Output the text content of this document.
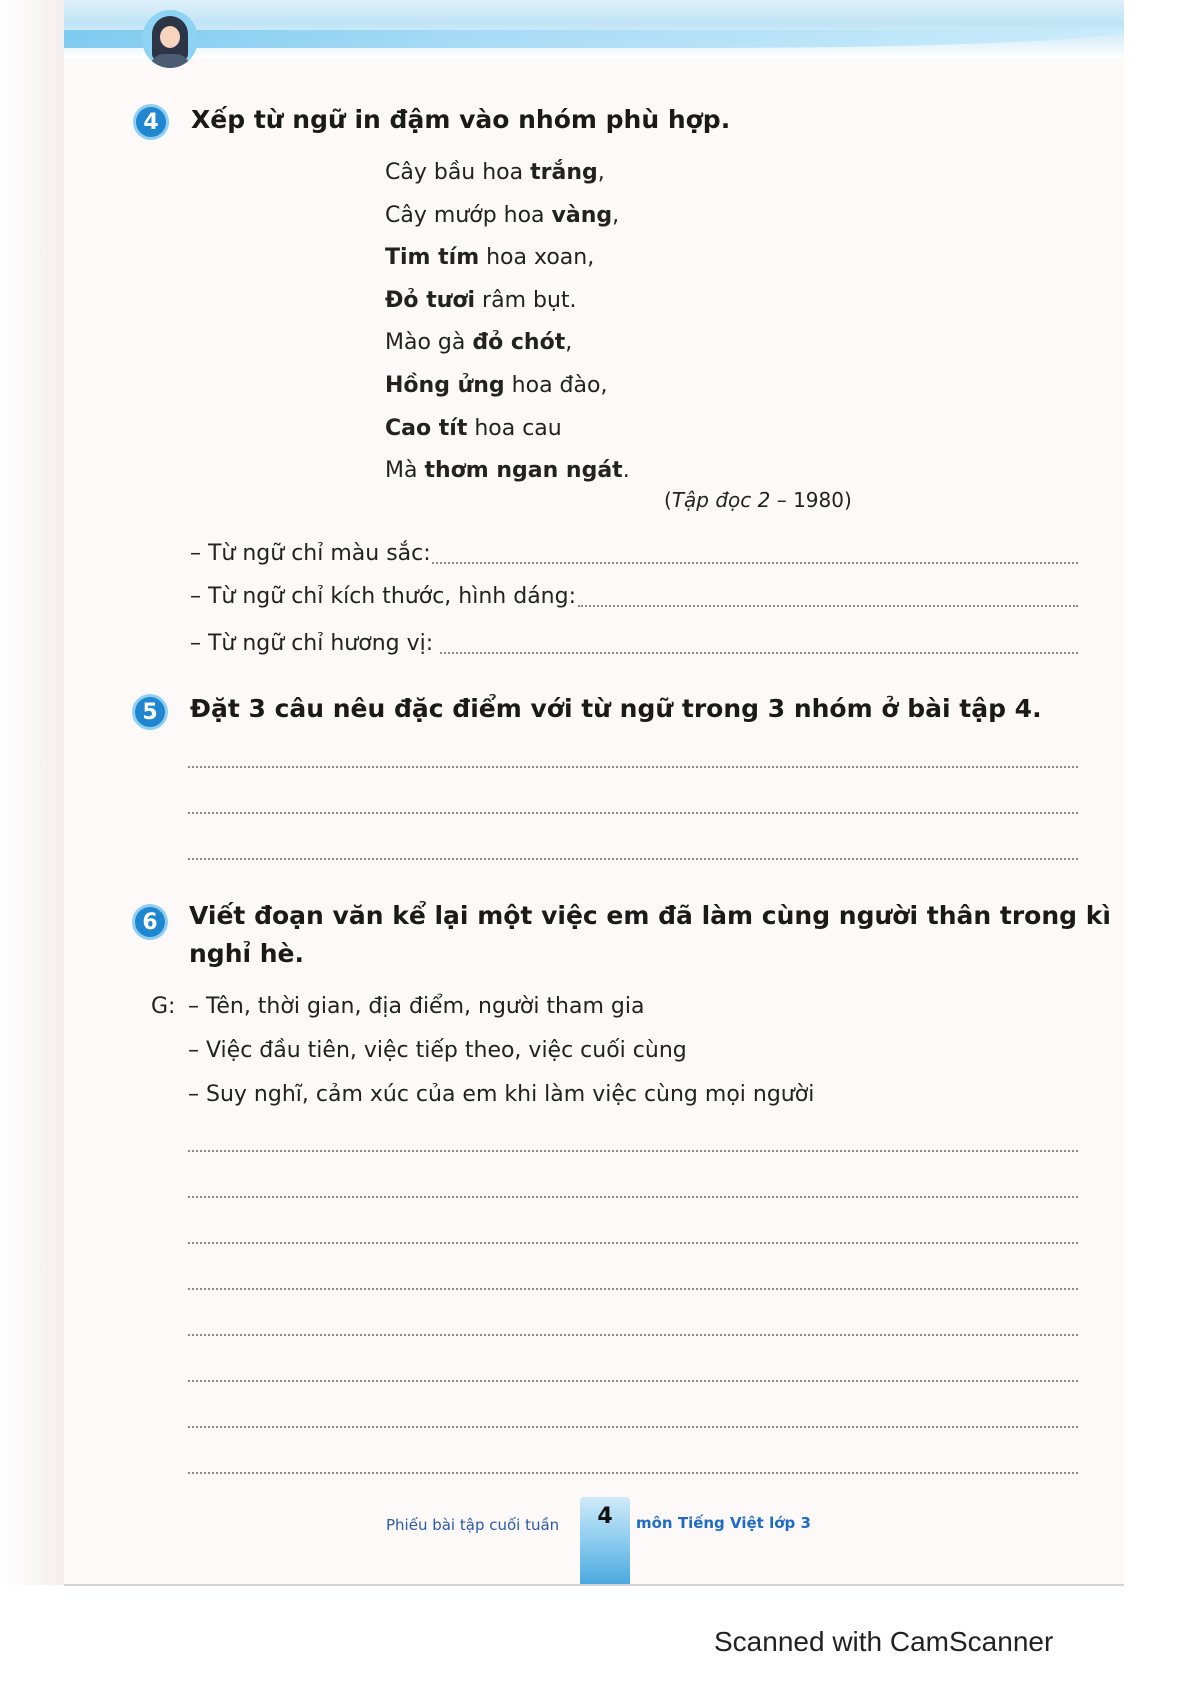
4	Xếp từ ngữ in đậm vào nhóm phù hợp.
Cây bầu hoa trắng,
Cây mướp hoa vàng,
Tim tím hoa xoan,
Đỏ tươi râm bụt.
Mào gà đỏ chót,
Hồng ửng hoa đào,
Cao tít hoa cau
Mà thơm ngan ngát.
(Tập đọc 2 – 1980)
– Từ ngữ chỉ màu sắc:
– Từ ngữ chỉ kích thước, hình dáng:
– Từ ngữ chỉ hương vị:
5	Đặt 3 câu nêu đặc điểm với từ ngữ trong 3 nhóm ở bài tập 4.
6	Viết đoạn văn kể lại một việc em đã làm cùng người thân trong kì
nghỉ hè.
G: – Tên, thời gian, địa điểm, người tham gia
– Việc đầu tiên, việc tiếp theo, việc cuối cùng
– Suy nghĩ, cảm xúc của em khi làm việc cùng mọi người
Phiếu bài tập cuối tuần	4	môn Tiếng Việt lớp 3
Scanned with CamScanner
